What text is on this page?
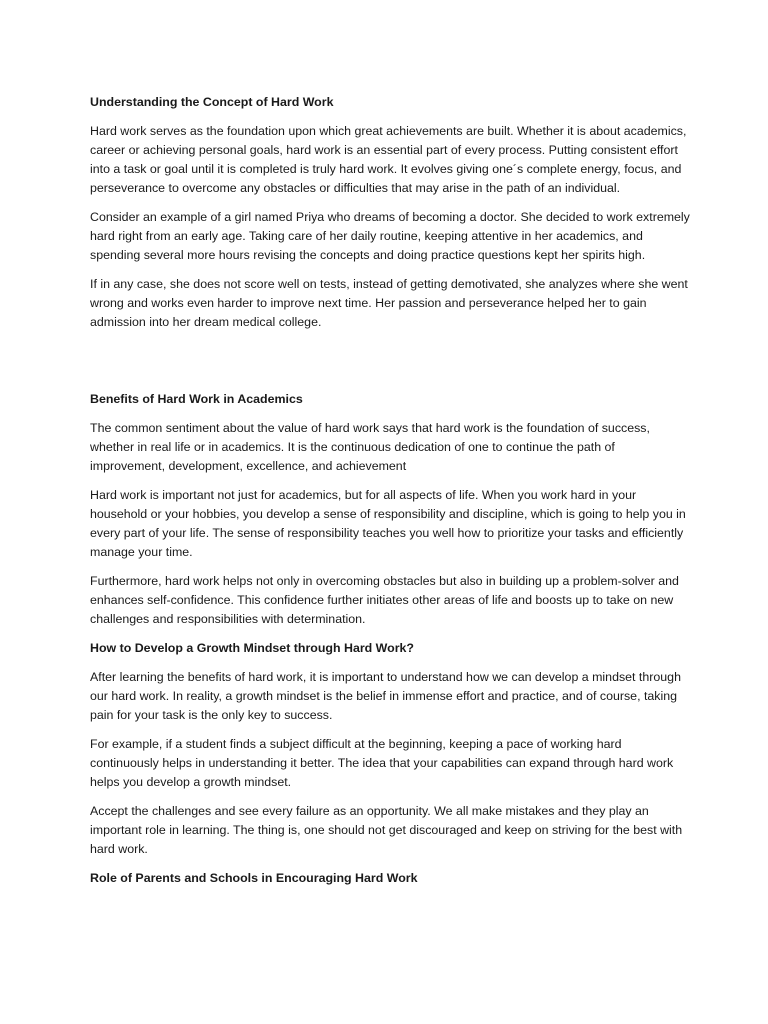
Understanding the Concept of Hard Work

Hard work serves as the foundation upon which great achievements are built. Whether it is about academics, career or achieving personal goals, hard work is an essential part of every process. Putting consistent effort into a task or goal until it is completed is truly hard work. It evolves giving one´s complete energy, focus, and perseverance to overcome any obstacles or difficulties that may arise in the path of an individual.

Consider an example of a girl named Priya who dreams of becoming a doctor. She decided to work extremely hard right from an early age. Taking care of her daily routine, keeping attentive in her academics, and spending several more hours revising the concepts and doing practice questions kept her spirits high.

If in any case, she does not score well on tests, instead of getting demotivated, she analyzes where she went wrong and works even harder to improve next time. Her passion and perseverance helped her to gain admission into her dream medical college.

Benefits of Hard Work in Academics

The common sentiment about the value of hard work says that hard work is the foundation of success, whether in real life or in academics. It is the continuous dedication of one to continue the path of improvement, development, excellence, and achievement

Hard work is important not just for academics, but for all aspects of life. When you work hard in your household or your hobbies, you develop a sense of responsibility and discipline, which is going to help you in every part of your life. The sense of responsibility teaches you well how to prioritize your tasks and efficiently manage your time.

Furthermore, hard work helps not only in overcoming obstacles but also in building up a problem-solver and enhances self-confidence. This confidence further initiates other areas of life and boosts up to take on new challenges and responsibilities with determination.

How to Develop a Growth Mindset through Hard Work?

After learning the benefits of hard work, it is important to understand how we can develop a mindset through our hard work. In reality, a growth mindset is the belief in immense effort and practice, and of course, taking pain for your task is the only key to success.

For example, if a student finds a subject difficult at the beginning, keeping a pace of working hard continuously helps in understanding it better. The idea that your capabilities can expand through hard work helps you develop a growth mindset.

Accept the challenges and see every failure as an opportunity. We all make mistakes and they play an important role in learning. The thing is, one should not get discouraged and keep on striving for the best with hard work.

Role of Parents and Schools in Encouraging Hard Work
